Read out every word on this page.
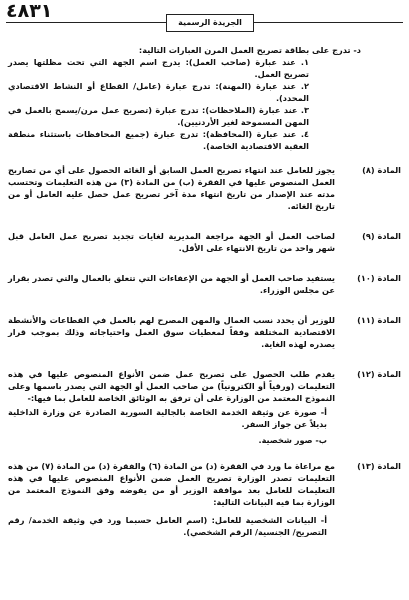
٤٨٣١
الجريدة الرسمية

د- تدرج على بطاقة تصريح العمل المرن العبارات التالية:

١. عند عبارة (صاحب العمل): يدرج اسم الجهة التي تحت مظلتها يصدر تصريح العمل.

٢. عند عبارة (المهنة): تدرج عبارة (عامل/ القطاع أو النشاط الاقتصادي المحدد).

٣. عند عبارة (الملاحظات): تدرج عبارة (تصريح عمل مرن/يسمح بالعمل في المهن المسموحة لغير الأردنيين).

٤. عند عبارة (المحافظة): تدرج عبارة (جميع المحافظات باستثناء منطقة العقبة الاقتصادية الخاصة).

المادة (٨)

يجوز للعامل عند انتهاء تصريح العمل السابق أو الغائه الحصول على أي من تصاريح العمل المنصوص عليها في الفقرة (ب) من المادة (٣) من هذه التعليمات وتحتسب مدته عند الإصدار من تاريخ انتهاء مدة آخر تصريح عمل حصل عليه العامل أو من تاريخ الغائه.

المادة (٩)

لصاحب العمل أو الجهة مراجعة المديرية لغايات تجديد تصريح عمل العامل قبل شهر واحد من تاريخ الانتهاء على الأقل.

المادة (١٠)

يستفيد صاحب العمل أو الجهة من الإعفاءات التي تتعلق بالعمال والتي تصدر بقرار عن مجلس الوزراء.

المادة (١١)

للوزير أن يحدد نسب العمال والمهن المصرح لهم بالعمل في القطاعات والأنشطة الاقتصادية المختلفة وفقاً لمعطيات سوق العمل واحتياجاته وذلك بموجب قرار يصدره لهذه الغاية.

المادة (١٢)

يقدم طلب الحصول على تصريح عمل ضمن الأنواع المنصوص عليها في هذه التعليمات (ورقياً أو الكترونياً) من صاحب العمل أو الجهة التي يصدر باسمها وعلى النموذج المعتمد من الوزارة على أن ترفق به الوثائق الخاصة للعامل بما فيها:-

أ- صورة عن وثيقة الخدمة الخاصة بالجالية السورية الصادرة عن وزارة الداخلية بديلاً عن جواز السفر.

ب- صور شخصية.

المادة (١٣)

مع مراعاة ما ورد في الفقرة (د) من المادة (٦) والفقرة (د) من المادة (٧) من هذه التعليمات تصدر الوزارة تصريح العمل ضمن الأنواع المنصوص عليها في هذه التعليمات للعامل بعد موافقة الوزير أو من يفوضه وفق النموذج المعتمد من الوزارة بما فيه البيانات التالية:

أ- البيانات الشخصية للعامل: (اسم العامل حسبما ورد في وثيقة الخدمة/ رقم التصريح/ الجنسية/ الرقم الشخصي).
